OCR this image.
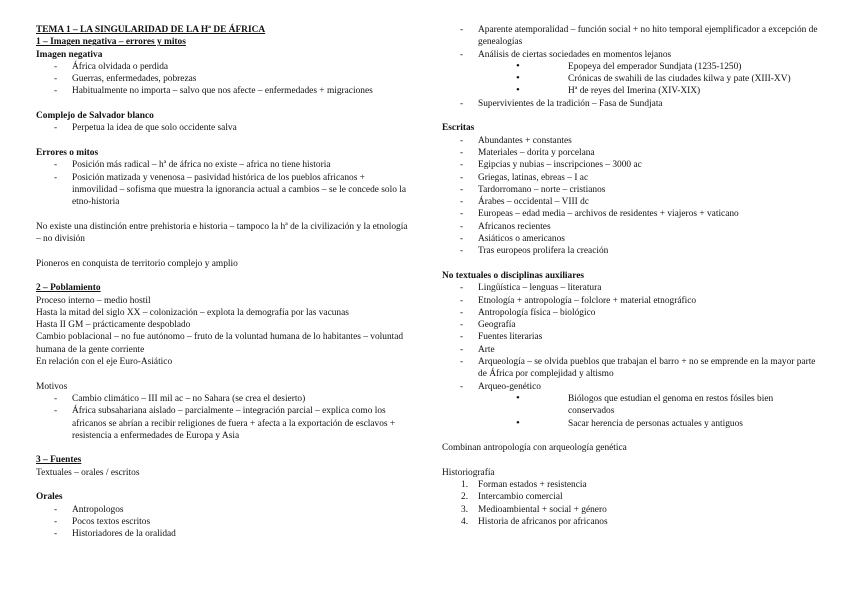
TEMA 1 – LA SINGULARIDAD DE LA Hª DE ÁFRICA

1 – Imagen negativa – errores y mitos

Imagen negativa

- África olvidada o perdida
- Guerras, enfermedades, pobrezas
- Habitualmente no importa – salvo que nos afecte – enfermedades + migraciones

Complejo de Salvador blanco

- Perpetua la idea de que solo occidente salva

Errores o mitos

- Posición más radical – hª de áfrica no existe – africa no tiene historia
- Posición matizada y venenosa – pasividad histórica de los pueblos africanos + inmovilidad – sofisma que muestra la ignorancia actual a cambios – se le concede solo la etno-historia

No existe una distinción entre prehistoria e historia – tampoco la hª de la civilización y la etnología – no división

Pioneros en conquista de territorio complejo y amplio

2 – Poblamiento

Proceso interno – medio hostil

Hasta la mitad del siglo XX – colonización – explota la demografía por las vacunas

Hasta II GM – prácticamente despoblado

Cambio poblacional – no fue autónomo – fruto de la voluntad humana de lo habitantes – voluntad humana de la gente corriente

En relación con el eje Euro-Asiático

Motivos

- Cambio climático – III mil ac – no Sahara (se crea el desierto)
- África subsahariana aislado – parcialmente – integración parcial – explica como los africanos se abrían a recibir religiones de fuera + afecta a la exportación de esclavos + resistencia a enfermedades de Europa y Asia

3 – Fuentes

Textuales – orales / escritos

Orales

- Antropologos
- Pocos textos escritos
- Historiadores de la oralidad
- Aparente atemporalidad – función social + no hito temporal ejemplificador a excepción de genealogías
- Análisis de ciertas sociedades en momentos lejanos
• Epopeya del emperador Sundjata (1235-1250)
• Crónicas de swahili de las ciudades kilwa y pate (XIII-XV)
• Hª de reyes del Imerina (XIV-XIX)
- Supervivientes de la tradición – Fasa de Sundjata

Escritas

- Abundantes + constantes
- Materiales – dorita y porcelana
- Egipcias y nubias – inscripciones – 3000 ac
- Griegas, latinas, ebreas – I ac
- Tardorromano – norte – cristianos
- Árabes – occidental – VIII dc
- Europeas – edad media – archivos de residentes + viajeros + vaticano
- Africanos recientes
- Asiáticos o americanos
- Tras europeos prolifera la creación

No textuales o disciplinas auxiliares

- Lingüística – lenguas – literatura
- Etnología + antropología – folclore + material etnográfico
- Antropología física – biológico
- Geografía
- Fuentes literarias
- Arte
- Arqueología – se olvida pueblos que trabajan el barro + no se emprende en la mayor parte de África por complejidad y altismo
- Arqueo-genético
• Biólogos que estudian el genoma en restos fósiles bien conservados
• Sacar herencia de personas actuales y antiguos

Combinan antropología con arqueología genética

Historiografía

1. Forman estados + resistencia
2. Intercambio comercial
3. Medioambiental + social + género
4. Historia de africanos por africanos
